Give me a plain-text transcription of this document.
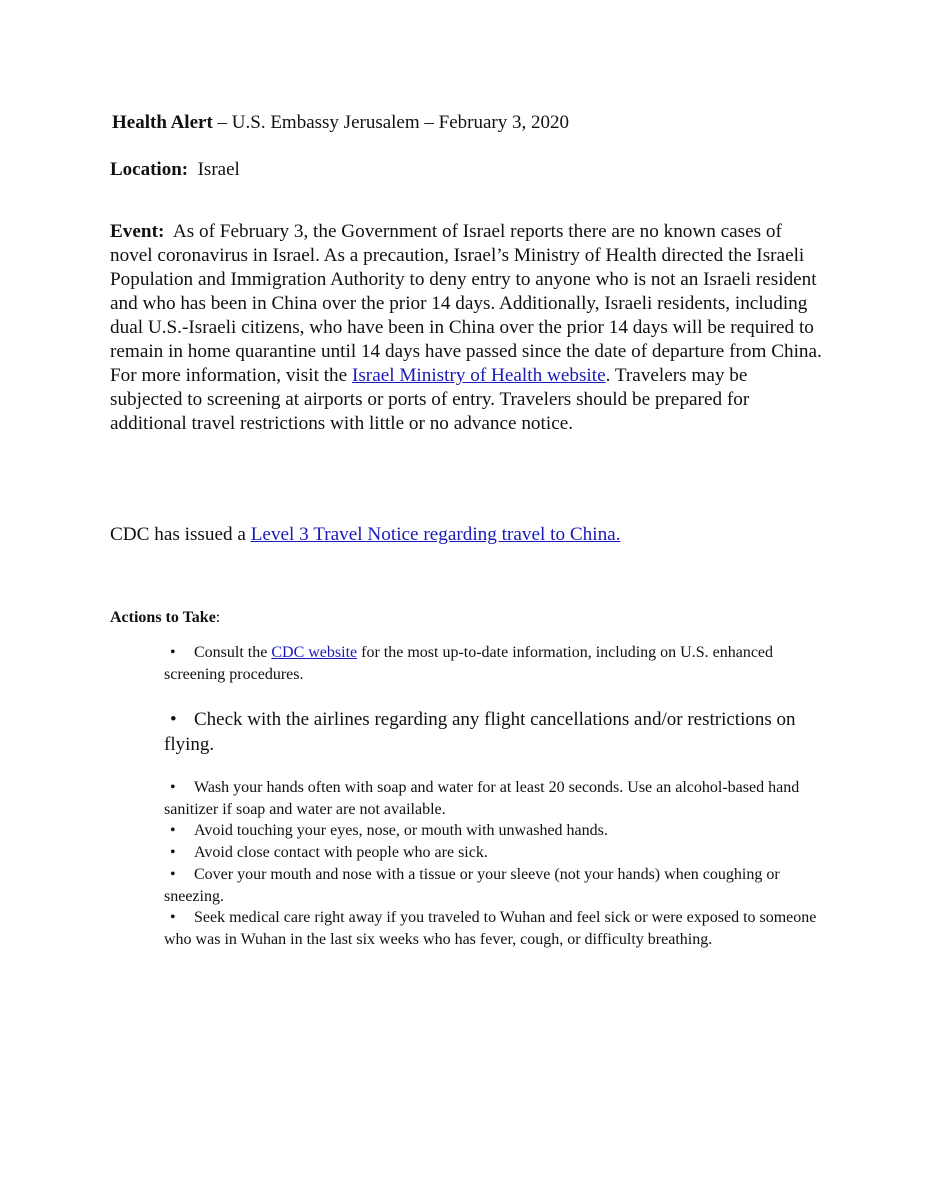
Health Alert – U.S. Embassy Jerusalem – February 3, 2020
Location: Israel
Event: As of February 3, the Government of Israel reports there are no known cases of novel coronavirus in Israel. As a precaution, Israel’s Ministry of Health directed the Israeli Population and Immigration Authority to deny entry to anyone who is not an Israeli resident and who has been in China over the prior 14 days. Additionally, Israeli residents, including dual U.S.-Israeli citizens, who have been in China over the prior 14 days will be required to remain in home quarantine until 14 days have passed since the date of departure from China. For more information, visit the Israel Ministry of Health website. Travelers may be subjected to screening at airports or ports of entry. Travelers should be prepared for additional travel restrictions with little or no advance notice.
CDC has issued a Level 3 Travel Notice regarding travel to China.
Actions to Take:
• Consult the CDC website for the most up-to-date information, including on U.S. enhanced screening procedures.
• Check with the airlines regarding any flight cancellations and/or restrictions on flying.
• Wash your hands often with soap and water for at least 20 seconds. Use an alcohol-based hand sanitizer if soap and water are not available.
• Avoid touching your eyes, nose, or mouth with unwashed hands.
• Avoid close contact with people who are sick.
• Cover your mouth and nose with a tissue or your sleeve (not your hands) when coughing or sneezing.
• Seek medical care right away if you traveled to Wuhan and feel sick or were exposed to someone who was in Wuhan in the last six weeks who has fever, cough, or difficulty breathing.
